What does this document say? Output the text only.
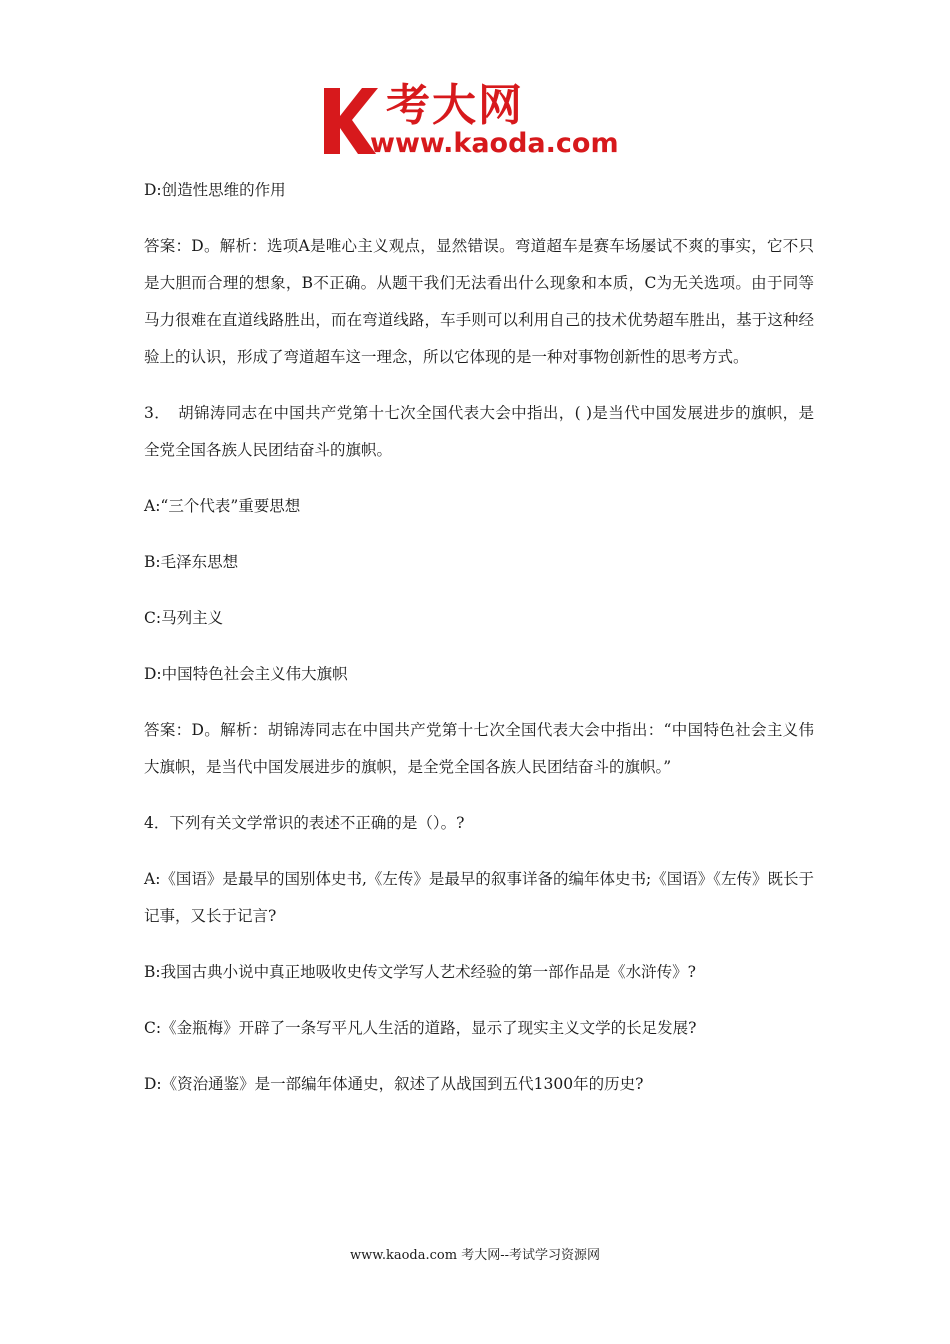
考大网
www.kaoda.com

D:创造性思维的作用

答案：D。解析：选项A是唯心主义观点，显然错误。弯道超车是赛车场屡试不爽的事实，它不只是大胆而合理的想象，B不正确。从题干我们无法看出什么现象和本质，C为无关选项。由于同等马力很难在直道线路胜出，而在弯道线路，车手则可以利用自己的技术优势超车胜出，基于这种经验上的认识，形成了弯道超车这一理念，所以它体现的是一种对事物创新性的思考方式。

3．　胡锦涛同志在中国共产党第十七次全国代表大会中指出，( )是当代中国发展进步的旗帜，是全党全国各族人民团结奋斗的旗帜。

A:“三个代表”重要思想

B:毛泽东思想

C:马列主义

D:中国特色社会主义伟大旗帜

答案：D。解析：胡锦涛同志在中国共产党第十七次全国代表大会中指出：“中国特色社会主义伟大旗帜，是当代中国发展进步的旗帜，是全党全国各族人民团结奋斗的旗帜。”

4．下列有关文学常识的表述不正确的是（）。?

A:《国语》是最早的国别体史书,《左传》是最早的叙事详备的编年体史书;《国语》《左传》既长于记事，又长于记言?

B:我国古典小说中真正地吸收史传文学写人艺术经验的第一部作品是《水浒传》?

C:《金瓶梅》开辟了一条写平凡人生活的道路，显示了现实主义文学的长足发展?

D:《资治通鉴》是一部编年体通史，叙述了从战国到五代1300年的历史?

www.kaoda.com 考大网--考试学习资源网
